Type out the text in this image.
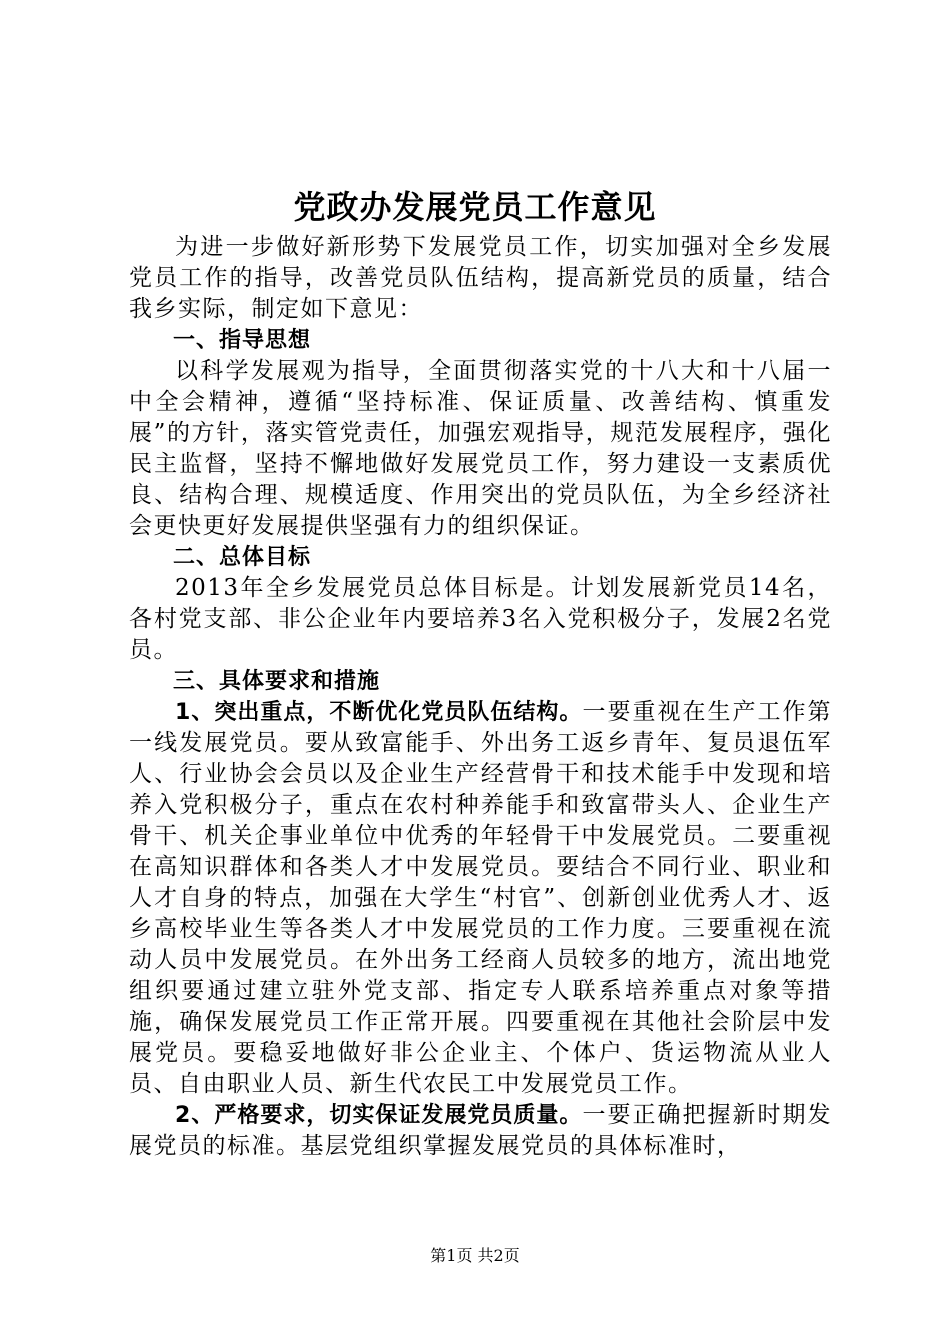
党政办发展党员工作意见

为进一步做好新形势下发展党员工作，切实加强对全乡发展党员工作的指导，改善党员队伍结构，提高新党员的质量，结合我乡实际，制定如下意见：

一、指导思想

以科学发展观为指导，全面贯彻落实党的十八大和十八届一中全会精神，遵循“坚持标准、保证质量、改善结构、慎重发展”的方针，落实管党责任，加强宏观指导，规范发展程序，强化民主监督，坚持不懈地做好发展党员工作，努力建设一支素质优良、结构合理、规模适度、作用突出的党员队伍，为全乡经济社会更快更好发展提供坚强有力的组织保证。

二、总体目标

2013年全乡发展党员总体目标是。计划发展新党员14名，各村党支部、非公企业年内要培养3名入党积极分子，发展2名党员。

三、具体要求和措施

1、突出重点，不断优化党员队伍结构。一要重视在生产工作第一线发展党员。要从致富能手、外出务工返乡青年、复员退伍军人、行业协会会员以及企业生产经营骨干和技术能手中发现和培养入党积极分子，重点在农村种养能手和致富带头人、企业生产骨干、机关企事业单位中优秀的年轻骨干中发展党员。二要重视在高知识群体和各类人才中发展党员。要结合不同行业、职业和人才自身的特点，加强在大学生“村官”、创新创业优秀人才、返乡高校毕业生等各类人才中发展党员的工作力度。三要重视在流动人员中发展党员。在外出务工经商人员较多的地方，流出地党组织要通过建立驻外党支部、指定专人联系培养重点对象等措施，确保发展党员工作正常开展。四要重视在其他社会阶层中发展党员。要稳妥地做好非公企业主、个体户、货运物流从业人员、自由职业人员、新生代农民工中发展党员工作。

2、严格要求，切实保证发展党员质量。一要正确把握新时期发展党员的标准。基层党组织掌握发展党员的具体标准时，

第1页 共2页
